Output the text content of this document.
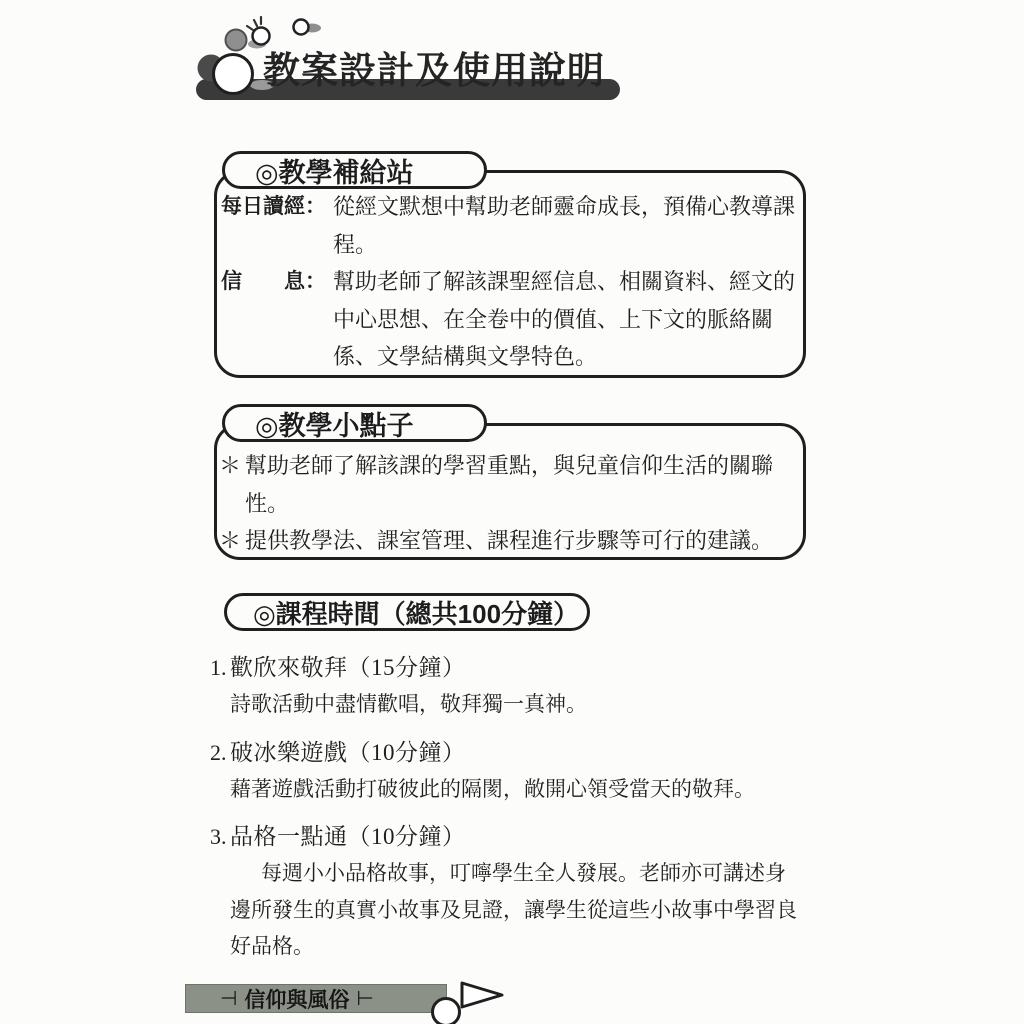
教案設計及使用說明
◎教學補給站
每日讀經： 從經文默想中幫助老師靈命成長，預備心教導課程。
信　　息： 幫助老師了解該課聖經信息、相關資料、經文的中心思想、在全卷中的價值、上下文的脈絡關係、文學結構與文學特色。
◎教學小點子
＊ 幫助老師了解該課的學習重點，與兒童信仰生活的關聯性。
＊ 提供教學法、課室管理、課程進行步驟等可行的建議。
◎課程時間（總共100分鐘）
1. 歡欣來敬拜（15分鐘）

詩歌活動中盡情歡唱，敬拜獨一真神。

2. 破冰樂遊戲（10分鐘）

藉著遊戲活動打破彼此的隔閡，敞開心領受當天的敬拜。

3. 品格一點通（10分鐘）

每週小小品格故事，叮嚀學生全人發展。老師亦可講述身邊所發生的真實小故事及見證，讓學生從這些小故事中學習良好品格。

⊣ 信仰與風俗 ⊢
